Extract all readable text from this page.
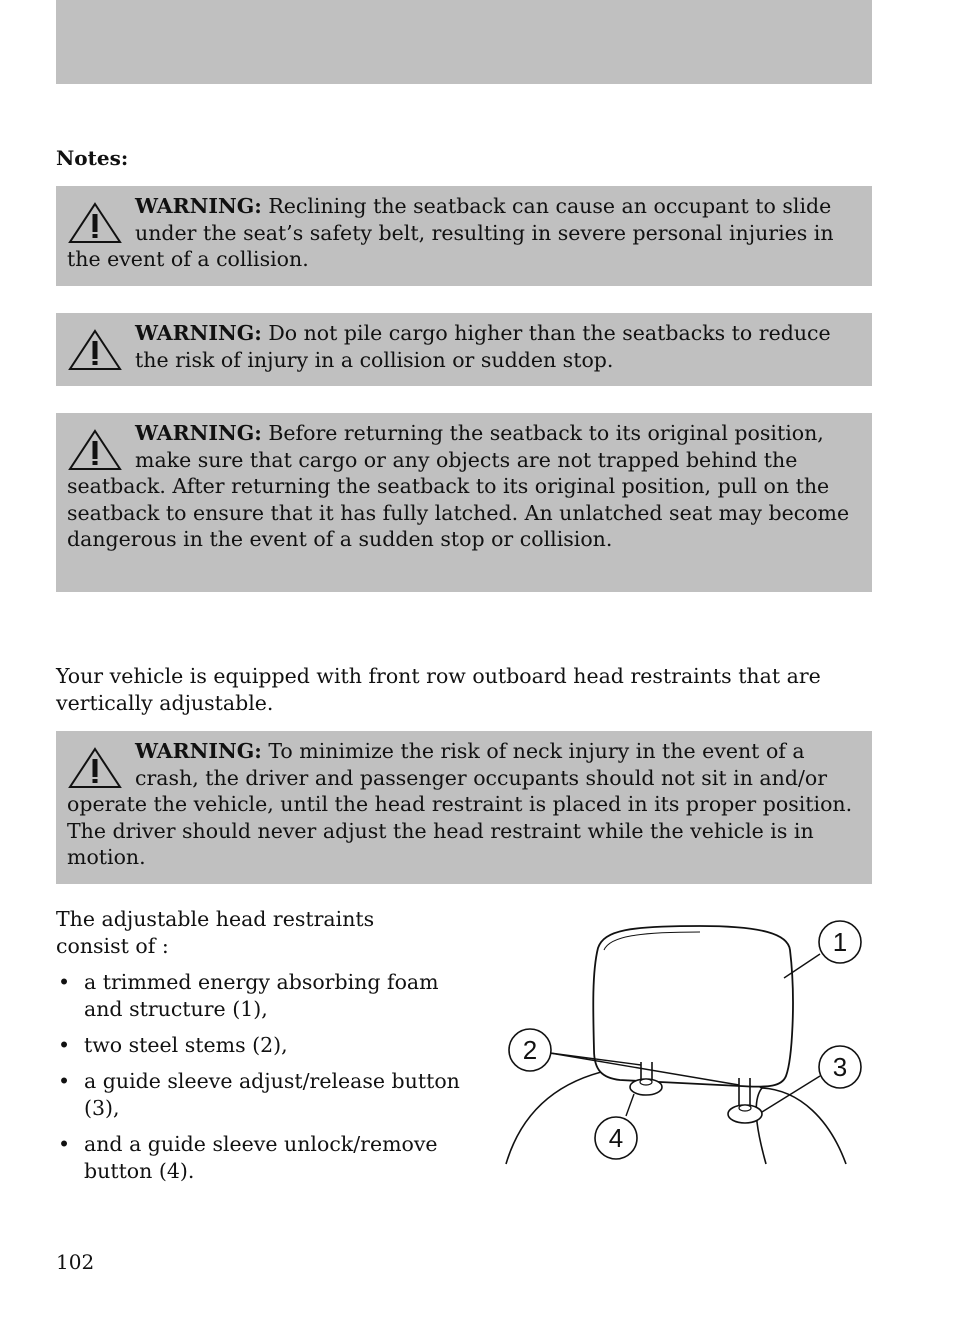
Notes:
WARNING: Reclining the seatback can cause an occupant to slide under the seat’s safety belt, resulting in severe personal injuries in the event of a collision.
WARNING: Do not pile cargo higher than the seatbacks to reduce the risk of injury in a collision or sudden stop.
WARNING: Before returning the seatback to its original position, make sure that cargo or any objects are not trapped behind the seatback. After returning the seatback to its original position, pull on the seatback to ensure that it has fully latched. An unlatched seat may become dangerous in the event of a sudden stop or collision.
Your vehicle is equipped with front row outboard head restraints that are vertically adjustable.
WARNING: To minimize the risk of neck injury in the event of a crash, the driver and passenger occupants should not sit in and/or operate the vehicle, until the head restraint is placed in its proper position. The driver should never adjust the head restraint while the vehicle is in motion.
The adjustable head restraints consist of :
• a trimmed energy absorbing foam and structure (1),
• two steel stems (2),
• a guide sleeve adjust/release button (3),
• and a guide sleeve unlock/remove button (4).
1
2
3
4
102
